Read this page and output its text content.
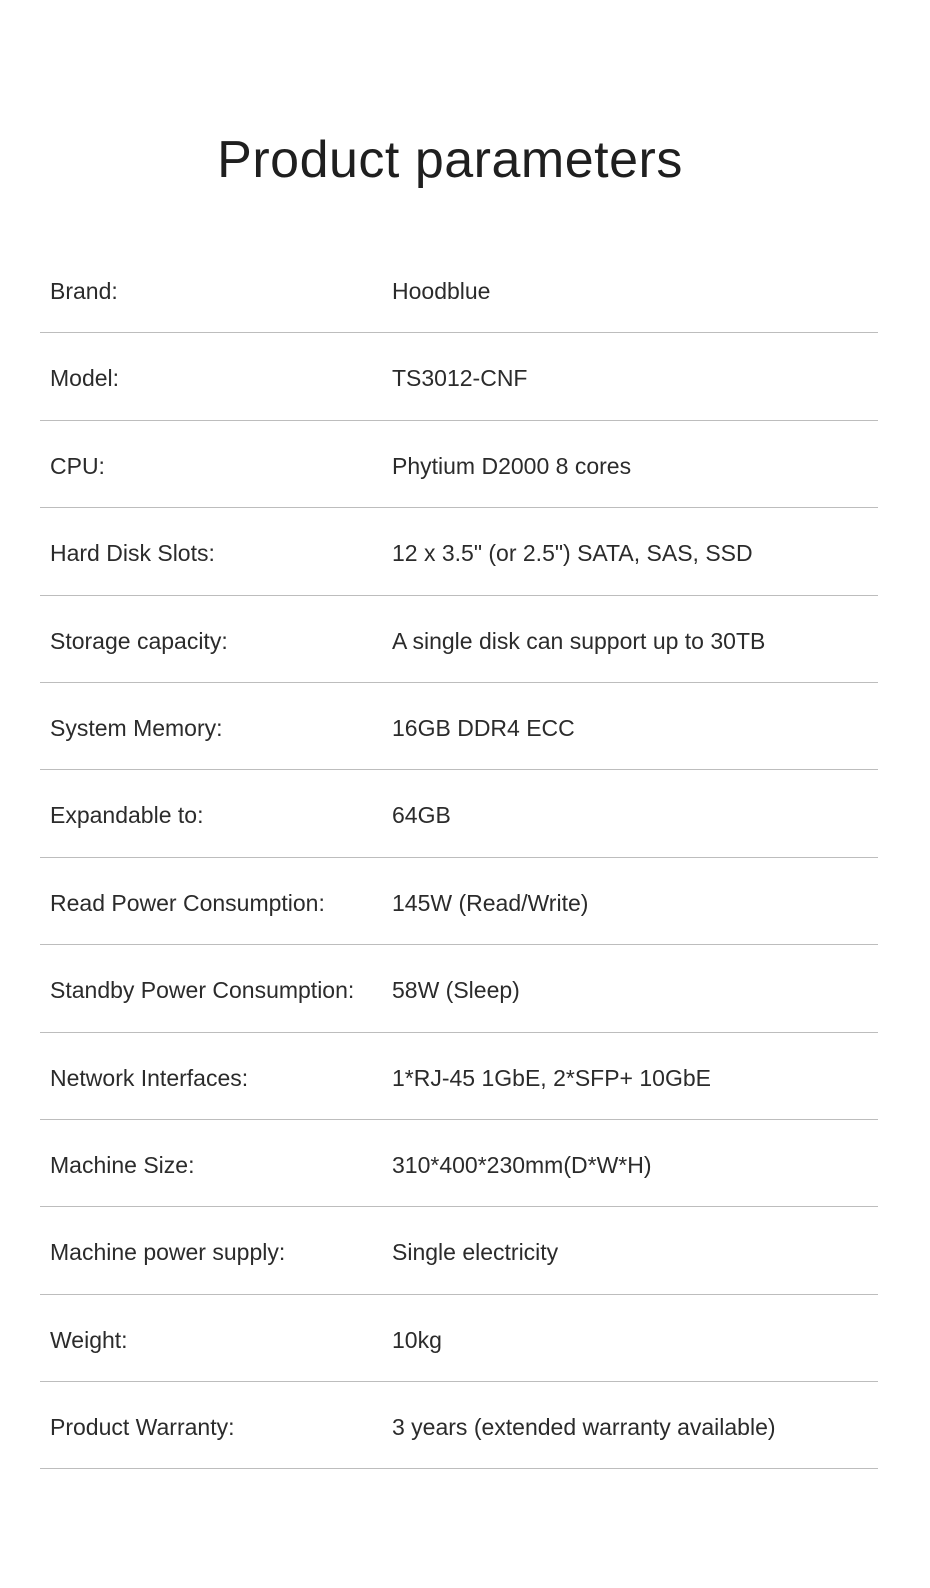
Product parameters
Brand:	Hoodblue
Model:	TS3012-CNF
CPU:	Phytium D2000 8 cores
Hard Disk Slots:	12 x 3.5" (or 2.5") SATA, SAS, SSD
Storage capacity:	A single disk can support up to 30TB
System Memory:	16GB DDR4 ECC
Expandable to:	64GB
Read Power Consumption:	145W (Read/Write)
Standby Power Consumption: 58W (Sleep)
Network Interfaces:	1*RJ-45 1GbE, 2*SFP+ 10GbE
Machine Size:	310*400*230mm(D*W*H)
Machine power supply:	Single electricity
Weight:	10kg
Product Warranty:	3 years (extended warranty available)
